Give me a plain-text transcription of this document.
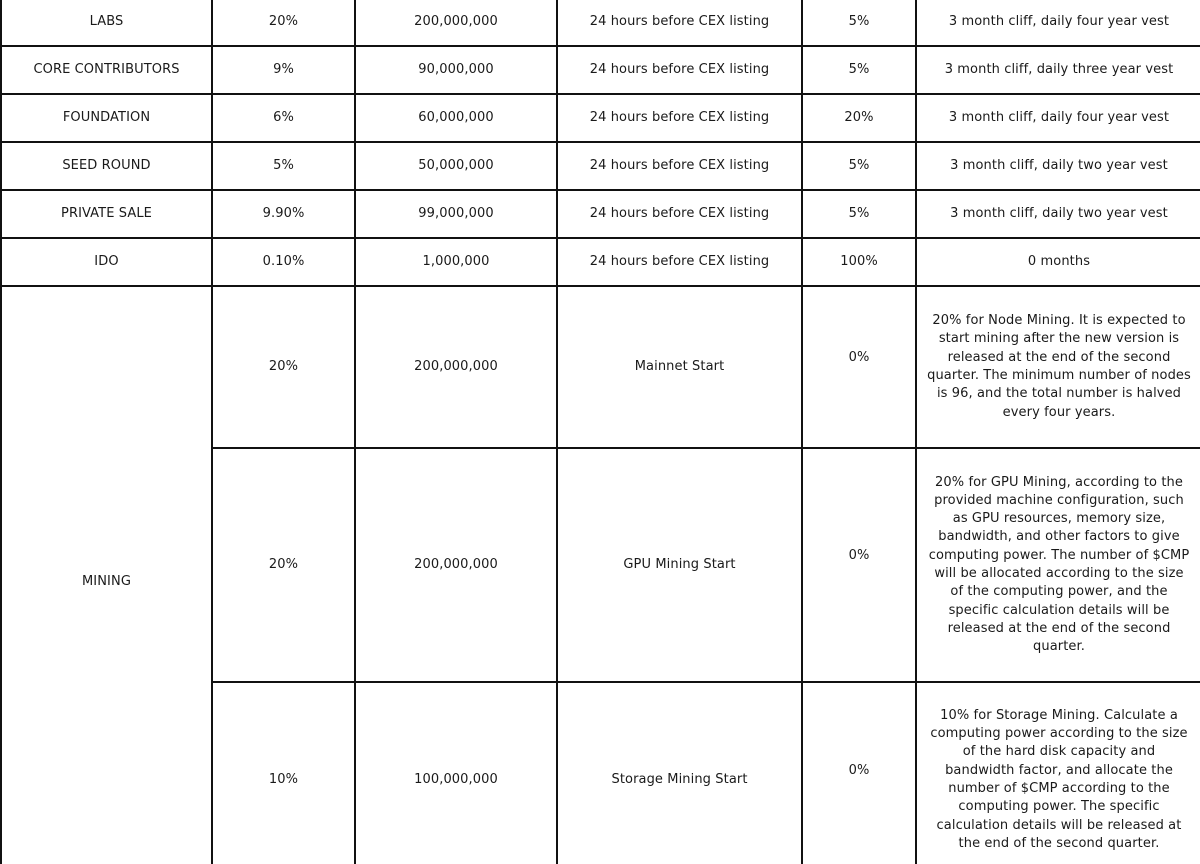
LABS	20%	200,000,000	24 hours before CEX listing	5%	3 month cliff, daily four year vest
CORE CONTRIBUTORS	9%	90,000,000	24 hours before CEX listing	5%	3 month cliff, daily three year vest
FOUNDATION	6%	60,000,000	24 hours before CEX listing	20%	3 month cliff, daily four year vest
SEED ROUND	5%	50,000,000	24 hours before CEX listing	5%	3 month cliff, daily two year vest
PRIVATE SALE	9.90%	99,000,000	24 hours before CEX listing	5%	3 month cliff, daily two year vest
IDO	0.10%	1,000,000	24 hours before CEX listing	100%	0 months
MINING	20%	200,000,000	Mainnet Start	0%	20% for Node Mining. It is expected to start mining after the new version is released at the end of the second quarter. The minimum number of nodes is 96, and the total number is halved every four years.
	20%	200,000,000	GPU Mining Start	0%	20% for GPU Mining, according to the provided machine configuration, such as GPU resources, memory size, bandwidth, and other factors to give computing power. The number of $CMP will be allocated according to the size of the computing power, and the specific calculation details will be released at the end of the second quarter.
	10%	100,000,000	Storage Mining Start	0%	10% for Storage Mining. Calculate a computing power according to the size of the hard disk capacity and bandwidth factor, and allocate the number of $CMP according to the computing power. The specific calculation details will be released at the end of the second quarter.
